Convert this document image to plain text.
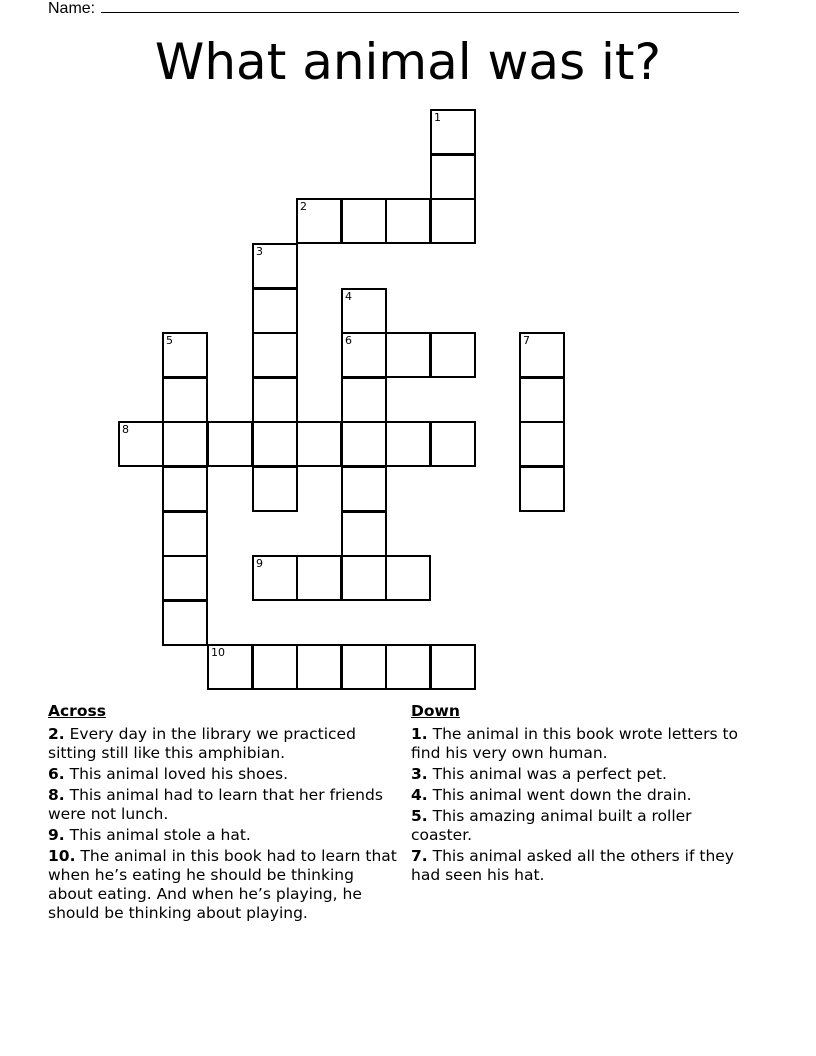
Name:
What animal was it?
1
2
3
4
5	6	7
8
9
10
Across
2. Every day in the library we practiced sitting still like this amphibian.
6. This animal loved his shoes.
8. This animal had to learn that her friends were not lunch.
9. This animal stole a hat.
10. The animal in this book had to learn that when he’s eating he should be thinking about eating. And when he’s playing, he should be thinking about playing.
Down
1. The animal in this book wrote letters to find his very own human.
3. This animal was a perfect pet.
4. This animal went down the drain.
5. This amazing animal built a roller coaster.
7. This animal asked all the others if they had seen his hat.
